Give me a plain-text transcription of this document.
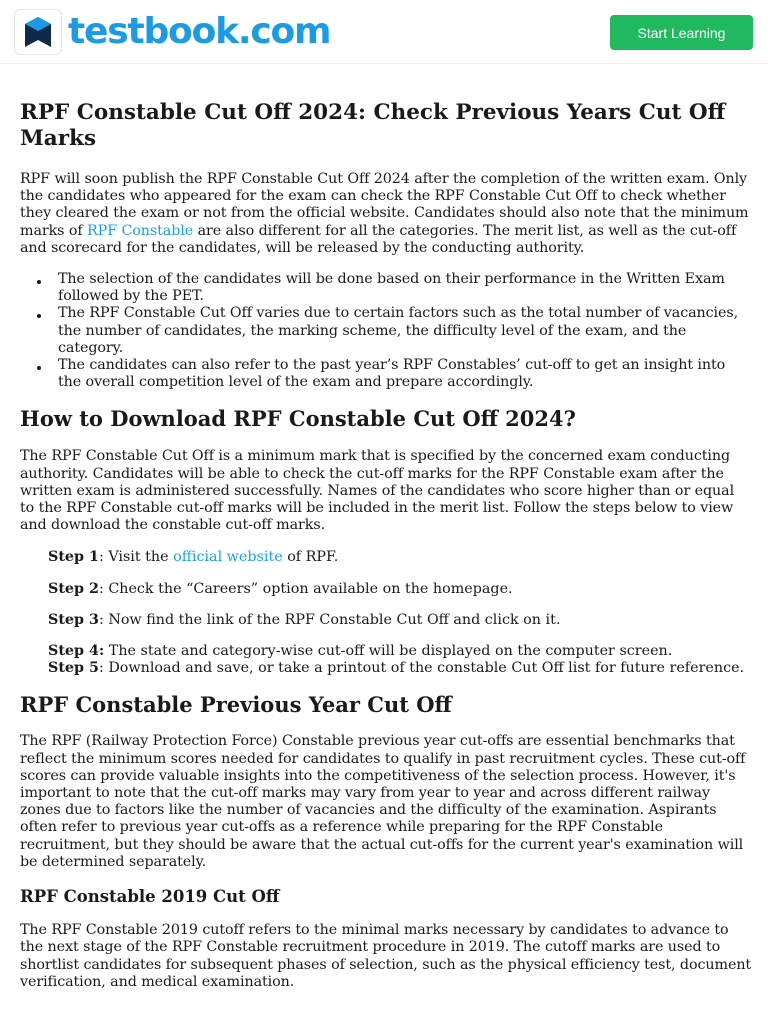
testbook.com	Start Learning
RPF Constable Cut Off 2024: Check Previous Years Cut Off Marks

RPF will soon publish the RPF Constable Cut Off 2024 after the completion of the written exam. Only the candidates who appeared for the exam can check the RPF Constable Cut Off to check whether they cleared the exam or not from the official website. Candidates should also note that the minimum marks of RPF Constable are also different for all the categories. The merit list, as well as the cut-off and scorecard for the candidates, will be released by the conducting authority.

The selection of the candidates will be done based on their performance in the Written Exam followed by the PET.
The RPF Constable Cut Off varies due to certain factors such as the total number of vacancies, the number of candidates, the marking scheme, the difficulty level of the exam, and the category.
The candidates can also refer to the past year’s RPF Constables’ cut-off to get an insight into the overall competition level of the exam and prepare accordingly.
How to Download RPF Constable Cut Off 2024?

The RPF Constable Cut Off is a minimum mark that is specified by the concerned exam conducting authority. Candidates will be able to check the cut-off marks for the RPF Constable exam after the written exam is administered successfully. Names of the candidates who score higher than or equal to the RPF Constable cut-off marks will be included in the merit list. Follow the steps below to view and download the constable cut-off marks.

Step 1: Visit the official website of RPF.
Step 2: Check the “Careers” option available on the homepage.
Step 3: Now find the link of the RPF Constable Cut Off and click on it.
Step 4: The state and category-wise cut-off will be displayed on the computer screen.
Step 5: Download and save, or take a printout of the constable Cut Off list for future reference.
RPF Constable Previous Year Cut Off

The RPF (Railway Protection Force) Constable previous year cut-offs are essential benchmarks that reflect the minimum scores needed for candidates to qualify in past recruitment cycles. These cut-off scores can provide valuable insights into the competitiveness of the selection process. However, it's important to note that the cut-off marks may vary from year to year and across different railway zones due to factors like the number of vacancies and the difficulty of the examination. Aspirants often refer to previous year cut-offs as a reference while preparing for the RPF Constable recruitment, but they should be aware that the actual cut-offs for the current year's examination will be determined separately.

RPF Constable 2019 Cut Off

The RPF Constable 2019 cutoff refers to the minimal marks necessary by candidates to advance to the next stage of the RPF Constable recruitment procedure in 2019. The cutoff marks are used to shortlist candidates for subsequent phases of selection, such as the physical efficiency test, document verification, and medical examination.
